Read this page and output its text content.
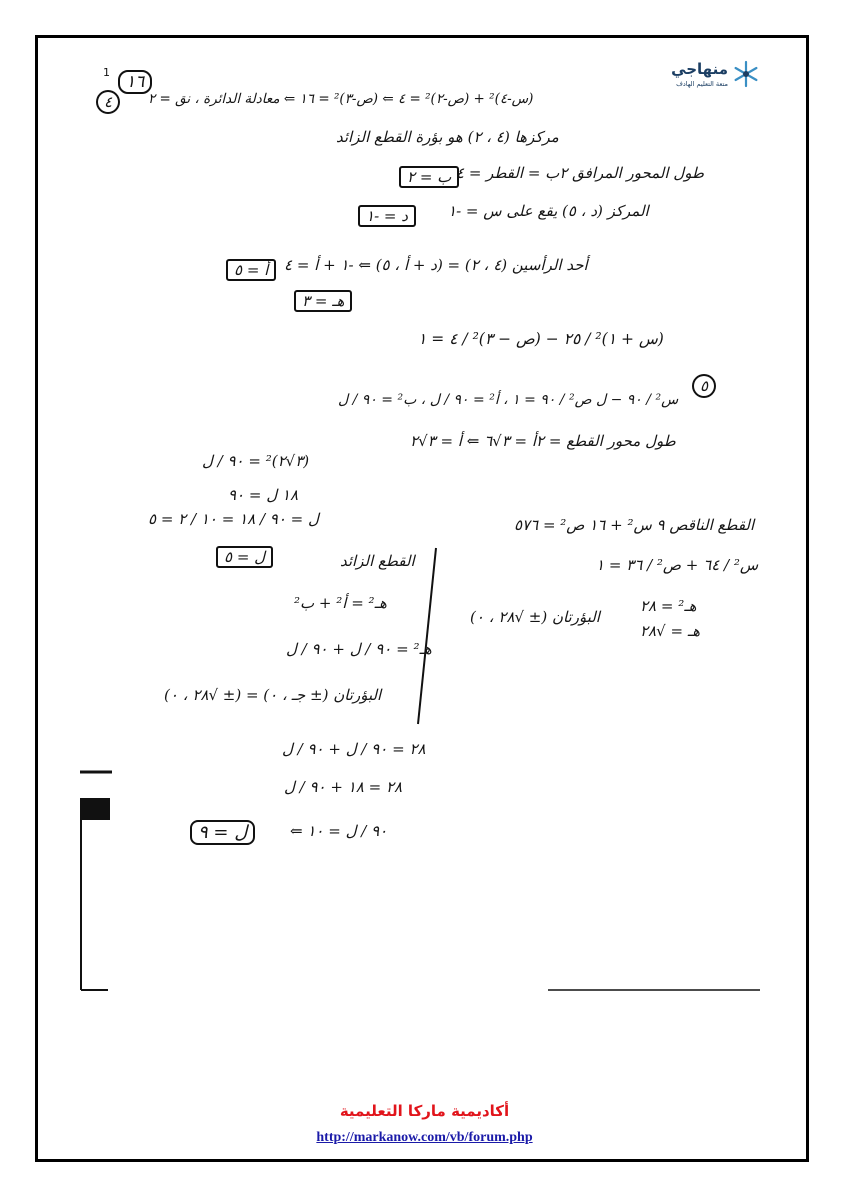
1	منهاجي
متعة التعليم الهادف
١٦
٤	(س-٤)² + (ص-٢)² = ٤ ⇐ (ص-٣)² = ١٦ ⇐ معادلة الدائرة ، نق = ٢
مركزها (٤ ، ٢) هو بؤرة القطع الزائد
طول المحور المرافق ٢ب = القطر = ٤
ب = ٢
المركز (د ، ٥) يقع على س = -١
د = -١
أحد الرأسين (٤ ، ٢) = (د + أ ، ٥) ⇐ -١ + أ = ٤
أ = ٥
هـ = ٣
(س + ١)² / ٢٥ − (ص − ٣)² / ٤ = ١
٥
س² / ٩٠ − ل ص² / ٩٠ = ١ ، أ² = ٩٠ / ل ، ب² = ٩٠ / ل
طول محور القطع = ٢أ = ٣√٦ ⇐ أ = ٣√٢
(٣√٢)² = ٩٠ / ل
١٨ ل = ٩٠
ل = ٩٠ / ١٨ = ١٠ / ٢ = ٥
ل = ٥
القطع الناقص ٩ س² + ١٦ ص² = ٥٧٦
س² / ٦٤ + ص² / ٣٦ = ١
هـ² = ٢٨
هـ = √٢٨
البؤرتان (± √٢٨ ، ٠)
القطع الزائد
هـ² = أ² + ب²
هـ² = ٩٠ / ل + ٩٠ / ل
البؤرتان (± جـ ، ٠) = (± √٢٨ ، ٠)
٢٨ = ٩٠ / ل + ٩٠ / ل
٢٨ = ١٨ + ٩٠ / ل
٩٠ / ل = ١٠ ⇐
ل = ٩
أكاديمية ماركا التعليمية
http://markanow.com/vb/forum.php
